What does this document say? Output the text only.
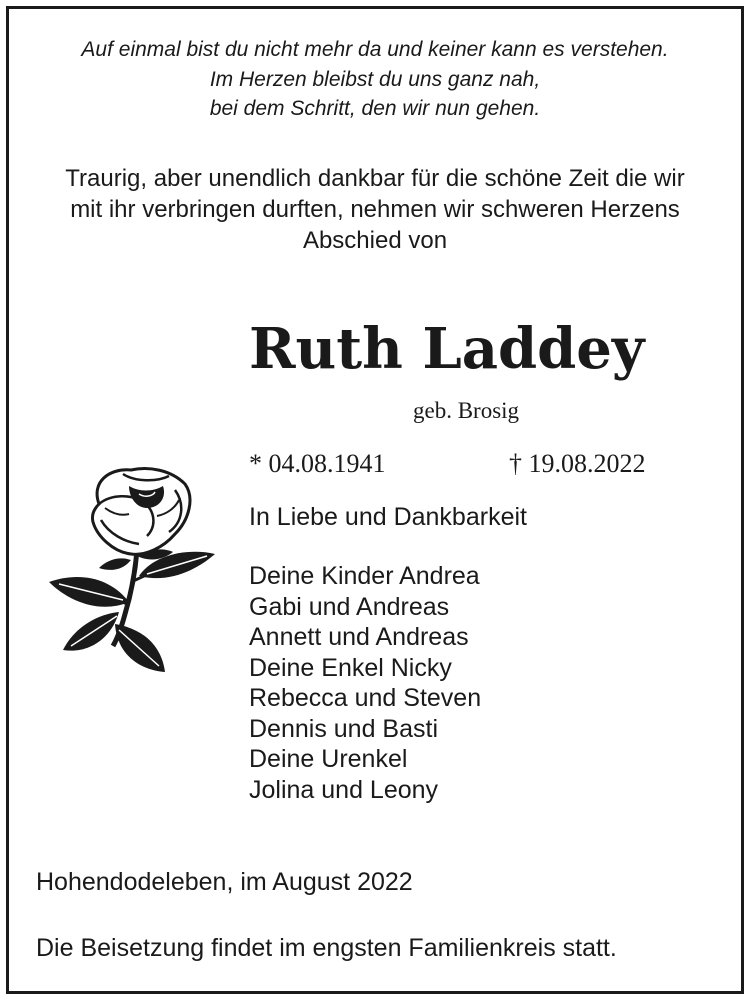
Auf einmal bist du nicht mehr da und keiner kann es verstehen.
Im Herzen bleibst du uns ganz nah,
bei dem Schritt, den wir nun gehen.
Traurig, aber unendlich dankbar für die schöne Zeit die wir
mit ihr verbringen durften, nehmen wir schweren Herzens
Abschied von
Ruth Laddey
geb. Brosig
* 04.08.1941	† 19.08.2022
In Liebe und Dankbarkeit
Deine Kinder Andrea
Gabi und Andreas
Annett und Andreas
Deine Enkel Nicky
Rebecca und Steven
Dennis und Basti
Deine Urenkel
Jolina und Leony
Hohendodeleben, im August 2022
Die Beisetzung findet im engsten Familienkreis statt.
